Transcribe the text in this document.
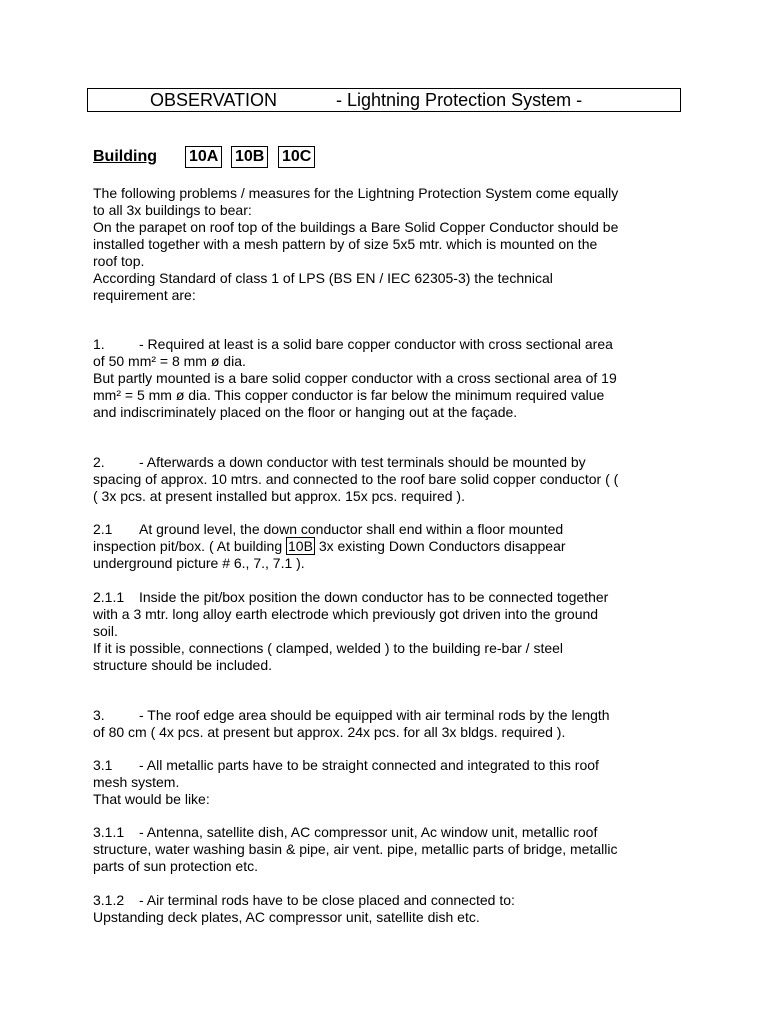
OBSERVATION	- Lightning Protection System -
Building 10A 10B 10C

The following problems / measures for the Lightning Protection System come equally

to all 3x buildings to bear:

On the parapet on roof top of the buildings a Bare Solid Copper Conductor should be

installed together with a mesh pattern by of size 5x5 mtr. which is mounted on the

roof top.

According Standard of class 1 of LPS (BS EN / IEC 62305-3) the technical

requirement are:

1. - Required at least is a solid bare copper conductor with cross sectional area

of 50 mm² = 8 mm ø dia.

But partly mounted is a bare solid copper conductor with a cross sectional area of 19

mm² = 5 mm ø dia. This copper conductor is far below the minimum required value

and indiscriminately placed on the floor or hanging out at the façade.

2. - Afterwards a down conductor with test terminals should be mounted by

spacing of approx. 10 mtrs. and connected to the roof bare solid copper conductor ( (

( 3x pcs. at present installed but approx. 15x pcs. required ).

2.1 At ground level, the down conductor shall end within a floor mounted

inspection pit/box. ( At building 10B 3x existing Down Conductors disappear

underground picture # 6., 7., 7.1 ).

2.1.1 Inside the pit/box position the down conductor has to be connected together

with a 3 mtr. long alloy earth electrode which previously got driven into the ground

soil.

If it is possible, connections ( clamped, welded ) to the building re-bar / steel

structure should be included.

3. - The roof edge area should be equipped with air terminal rods by the length

of 80 cm ( 4x pcs. at present but approx. 24x pcs. for all 3x bldgs. required ).

3.1 - All metallic parts have to be straight connected and integrated to this roof

mesh system.

That would be like:

3.1.1 - Antenna, satellite dish, AC compressor unit, Ac window unit, metallic roof

structure, water washing basin & pipe, air vent. pipe, metallic parts of bridge, metallic

parts of sun protection etc.

3.1.2 - Air terminal rods have to be close placed and connected to:

Upstanding deck plates, AC compressor unit, satellite dish etc.
